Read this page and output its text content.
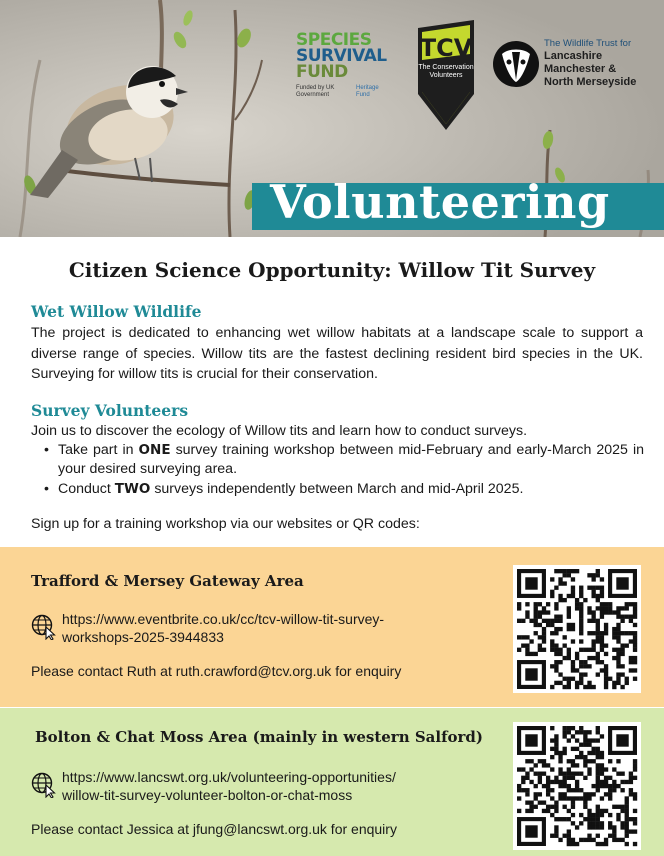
SPECIES
SURVIVAL
FUND
Funded by UK Government
Heritage Fund
TCV
The Conservation Volunteers
The Wildlife Trust for
Lancashire
Manchester &
North Merseyside
Volunteering
Citizen Science Opportunity: Willow Tit Survey
Wet Willow Wildlife
The project is dedicated to enhancing wet willow habitats at a landscape scale to support a diverse range of species. Willow tits are the fastest declining resident bird species in the UK. Surveying for willow tits is crucial for their conservation.
Survey Volunteers
Join us to discover the ecology of Willow tits and learn how to conduct surveys.
• Take part in ONE survey training workshop between mid-February and early-March 2025 in your desired surveying area.
• Conduct TWO surveys independently between March and mid-April 2025.
Sign up for a training workshop via our websites or QR codes:
Trafford & Mersey Gateway Area
https://www.eventbrite.co.uk/cc/tcv-willow-tit-survey-
workshops-2025-3944833
Please contact Ruth at ruth.crawford@tcv.org.uk for enquiry
Bolton & Chat Moss Area (mainly in western Salford)
https://www.lancswt.org.uk/volunteering-opportunities/
willow-tit-survey-volunteer-bolton-or-chat-moss
Please contact Jessica at jfung@lancswt.org.uk for enquiry
